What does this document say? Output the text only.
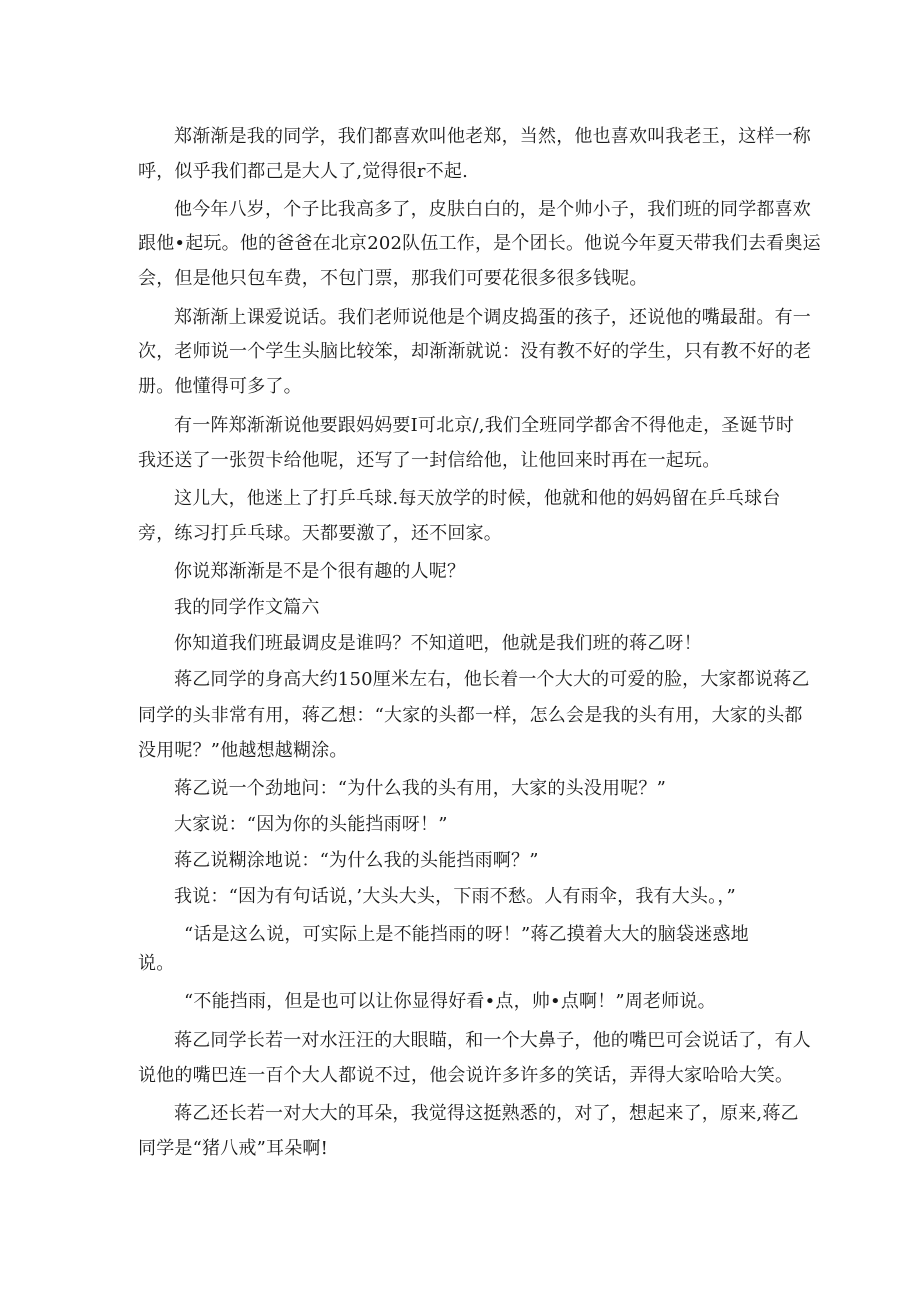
郑渐渐是我的同学，我们都喜欢叫他老郑，当然，他也喜欢叫我老王，这样一称
呼，似乎我们都己是大人了,觉得很r不起.
他今年八岁，个子比我高多了，皮肤白白的，是个帅小子，我们班的同学都喜欢
跟他•起玩。他的爸爸在北京202队伍工作，是个团长。他说今年夏天带我们去看奥运
会，但是他只包车费，不包门票，那我们可要花很多很多钱呢。
郑渐渐上课爱说话。我们老师说他是个调皮捣蛋的孩子，还说他的嘴最甜。有一
次，老师说一个学生头脑比较笨，却渐渐就说：没有教不好的学生，只有教不好的老
册。他懂得可多了。
有一阵郑渐渐说他要跟妈妈要I可北京/,我们全班同学都舍不得他走，圣诞节时
我还送了一张贺卡给他呢，还写了一封信给他，让他回来时再在一起玩。
这儿大，他迷上了打乒乓球.每天放学的时候，他就和他的妈妈留在乒乓球台
旁，练习打乒乓球。天都要激了，还不回家。
你说郑渐渐是不是个很有趣的人呢？
我的同学作文篇六
你知道我们班最调皮是谁吗？不知道吧，他就是我们班的蒋乙呀！
蒋乙同学的身高大约150厘米左右，他长着一个大大的可爱的脸，大家都说蒋乙
同学的头非常有用，蒋乙想：“大家的头都一样，怎么会是我的头有用，大家的头都
没用呢？”他越想越糊涂。
蒋乙说一个劲地问：“为什么我的头有用，大家的头没用呢？”
大家说：“因为你的头能挡雨呀！”
蒋乙说糊涂地说：“为什么我的头能挡雨啊？”
我说：“因为有句话说，’大头大头，下雨不愁。人有雨伞，我有大头。，”
“话是这么说，可实际上是不能挡雨的呀！”蒋乙摸着大大的脑袋迷惑地
说。
“不能挡雨，但是也可以让你显得好看•点，帅•点啊！”周老师说。
蒋乙同学长若一对水汪汪的大眼瞄，和一个大鼻子，他的嘴巴可会说话了，有人
说他的嘴巴连一百个大人都说不过，他会说许多许多的笑话，弄得大家哈哈大笑。
蒋乙还长若一对大大的耳朵，我觉得这挺熟悉的，对了，想起来了，原来,蒋乙
同学是“猪八戒”耳朵啊!
